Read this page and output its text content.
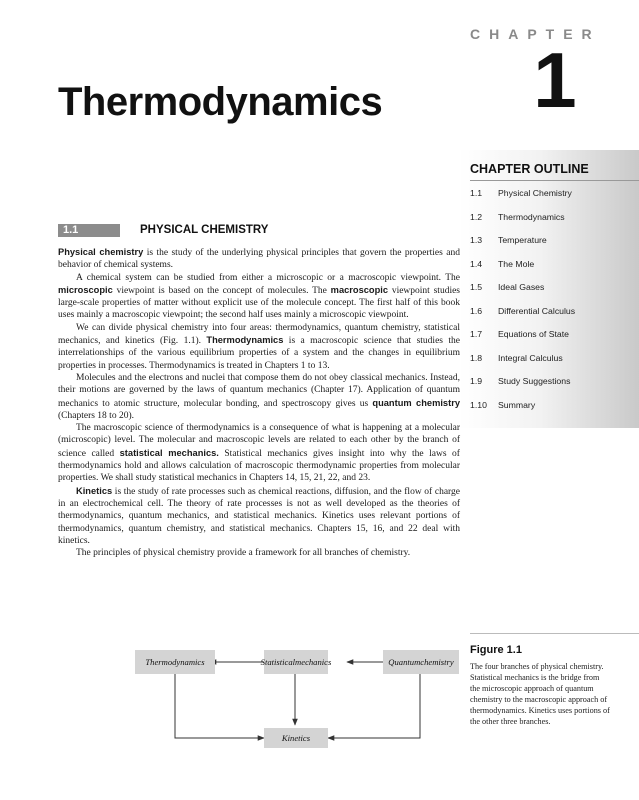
CHAPTER
1
Thermodynamics
CHAPTER OUTLINE
1.1	Physical Chemistry
1.2	Thermodynamics
1.3	Temperature
1.4	The Mole
1.5	Ideal Gases
1.6	Differential Calculus
1.7	Equations of State
1.8	Integral Calculus
1.9	Study Suggestions
1.10	Summary
1.1	PHYSICAL CHEMISTRY

Physical chemistry is the study of the underlying physical principles that govern the properties and behavior of chemical systems.

A chemical system can be studied from either a microscopic or a macroscopic viewpoint. The microscopic viewpoint is based on the concept of molecules. The macroscopic viewpoint studies large-scale properties of matter without explicit use of the molecule concept. The first half of this book uses mainly a macroscopic viewpoint; the second half uses mainly a microscopic viewpoint.

We can divide physical chemistry into four areas: thermodynamics, quantum chemistry, statistical mechanics, and kinetics (Fig. 1.1). Thermodynamics is a macroscopic science that studies the interrelationships of the various equilibrium properties of a system and the changes in equilibrium properties in processes. Thermodynamics is treated in Chapters 1 to 13.

Molecules and the electrons and nuclei that compose them do not obey classical mechanics. Instead, their motions are governed by the laws of quantum mechanics (Chapter 17). Application of quantum mechanics to atomic structure, molecular bonding, and spectroscopy gives us quantum chemistry (Chapters 18 to 20).

The macroscopic science of thermodynamics is a consequence of what is happening at a molecular (microscopic) level. The molecular and macroscopic levels are related to each other by the branch of science called statistical mechanics. Statistical mechanics gives insight into why the laws of thermodynamics hold and allows calculation of macroscopic thermodynamic properties from molecular properties. We shall study statistical mechanics in Chapters 14, 15, 21, 22, and 23.

Kinetics is the study of rate processes such as chemical reactions, diffusion, and the flow of charge in an electrochemical cell. The theory of rate processes is not as well developed as the theories of thermodynamics, quantum mechanics, and statistical mechanics. Kinetics uses relevant portions of thermodynamics, quantum chemistry, and statistical mechanics. Chapters 15, 16, and 22 deal with kinetics.

The principles of physical chemistry provide a framework for all branches of chemistry.

Thermodynamics	Statistical mechanics	Quantum chemistry
Kinetics
Figure 1.1
The four branches of physical chemistry. Statistical mechanics is the bridge from the microscopic approach of quantum chemistry to the macroscopic approach of thermodynamics. Kinetics uses portions of the other three branches.
